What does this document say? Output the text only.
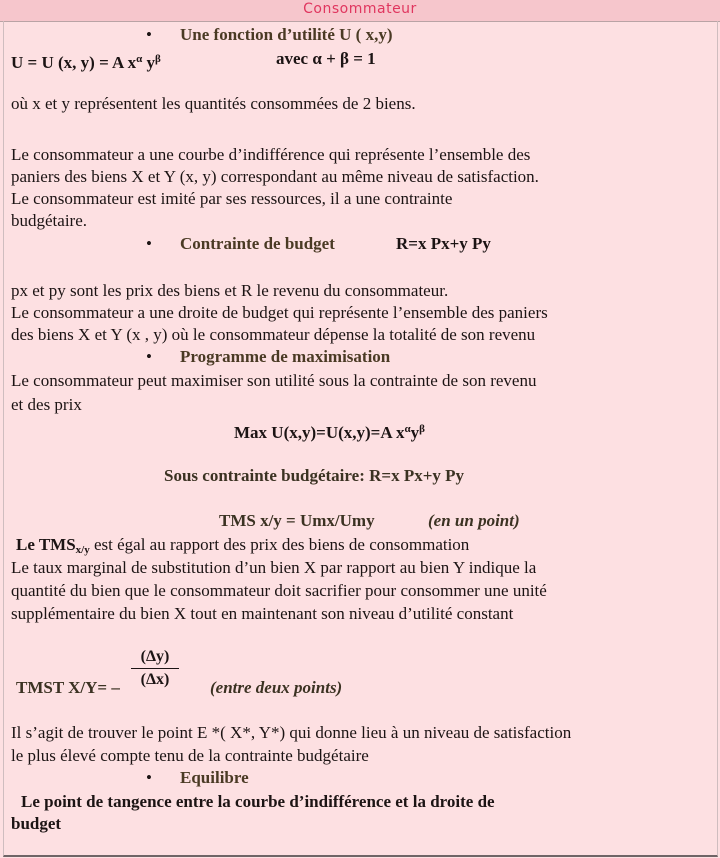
Consommateur
• Une fonction d’utilité U ( x,y)
U = U (x, y) = A $x^\alpha$ $y^\beta$	avec α + β = 1
où x et y représentent les quantités consommées de 2 biens.
Le consommateur a une courbe d’indifférence qui représente l’ensemble des
paniers des biens X et Y (x, y) correspondant au même niveau de satisfaction.
Le consommateur est imité par ses ressources, il a une contrainte
budgétaire.
• Contrainte de budget	R=x Px+y Py
px et py sont les prix des biens et R le revenu du consommateur.
Le consommateur a une droite de budget qui représente l’ensemble des paniers
des biens X et Y (x , y) où le consommateur dépense la totalité de son revenu
• Programme de maximisation
Le consommateur peut maximiser son utilité sous la contrainte de son revenu
et des prix
Max U(x,y)=U(x,y)=A $x^\alpha y^\beta$
Sous contrainte budgétaire: R=x Px+y Py
TMS x/y = Umx/Umy	(en un point)
Le $TMS_{x/y}$ est égal au rapport des prix des biens de consommation
Le taux marginal de substitution d’un bien X par rapport au bien Y indique la
quantité du bien que le consommateur doit sacrifier pour consommer une unité
supplémentaire du bien X tout en maintenant son niveau d’utilité constant
$\frac{(\Delta y)}{(\Delta x)}$
TMST X/Y= –	(entre deux points)
Il s’agit de trouver le point E *( X*, Y*) qui donne lieu à un niveau de satisfaction
le plus élevé compte tenu de la contrainte budgétaire
• Equilibre
Le point de tangence entre la courbe d’indifférence et la droite de
budget
